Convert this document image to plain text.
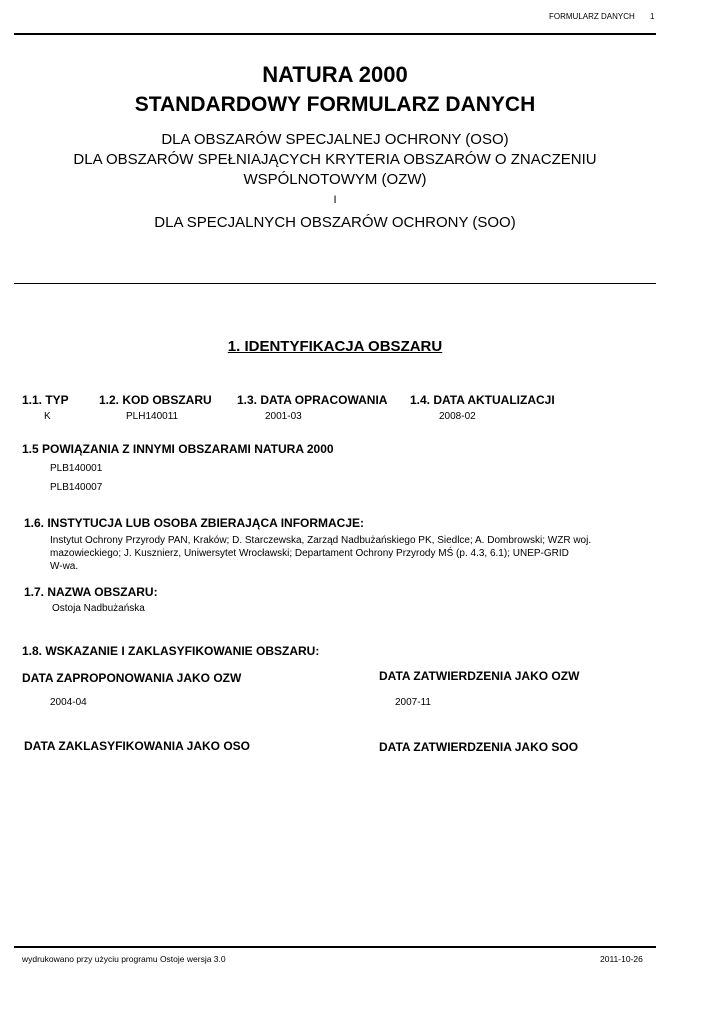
FORMULARZ DANYCH 1
NATURA 2000
STANDARDOWY FORMULARZ DANYCH
DLA OBSZARÓW SPECJALNEJ OCHRONY (OSO)
DLA OBSZARÓW SPEŁNIAJĄCYCH KRYTERIA OBSZARÓW O ZNACZENIU
WSPÓLNOTOWYM (OZW)
I
DLA SPECJALNYCH OBSZARÓW OCHRONY (SOO)
1. IDENTYFIKACJA OBSZARU
1.1. TYP
K
1.2. KOD OBSZARU
PLH140011
1.3. DATA OPRACOWANIA
2001-03
1.4. DATA AKTUALIZACJI
2008-02
1.5 POWIĄZANIA Z INNYMI OBSZARAMI NATURA 2000
PLB140001
PLB140007
1.6. INSTYTUCJA LUB OSOBA ZBIERAJĄCA INFORMACJE:
Instytut Ochrony Przyrody PAN, Kraków; D. Starczewska, Zarząd Nadbużańskiego PK, Siedlce; A. Dombrowski; WZR woj.
mazowieckiego; J. Kusznierz, Uniwersytet Wrocławski; Departament Ochrony Przyrody MŚ (p. 4.3, 6.1); UNEP-GRID
W-wa.
1.7. NAZWA OBSZARU:
Ostoja Nadbużańska
1.8. WSKAZANIE I ZAKLASYFIKOWANIE OBSZARU:
DATA ZAPROPONOWANIA JAKO OZW
2004-04
DATA ZATWIERDZENIA JAKO OZW
2007-11
DATA ZAKLASYFIKOWANIA JAKO OSO	DATA ZATWIERDZENIA JAKO SOO
wydrukowano przy użyciu programu Ostoje wersja 3.0	2011-10-26
